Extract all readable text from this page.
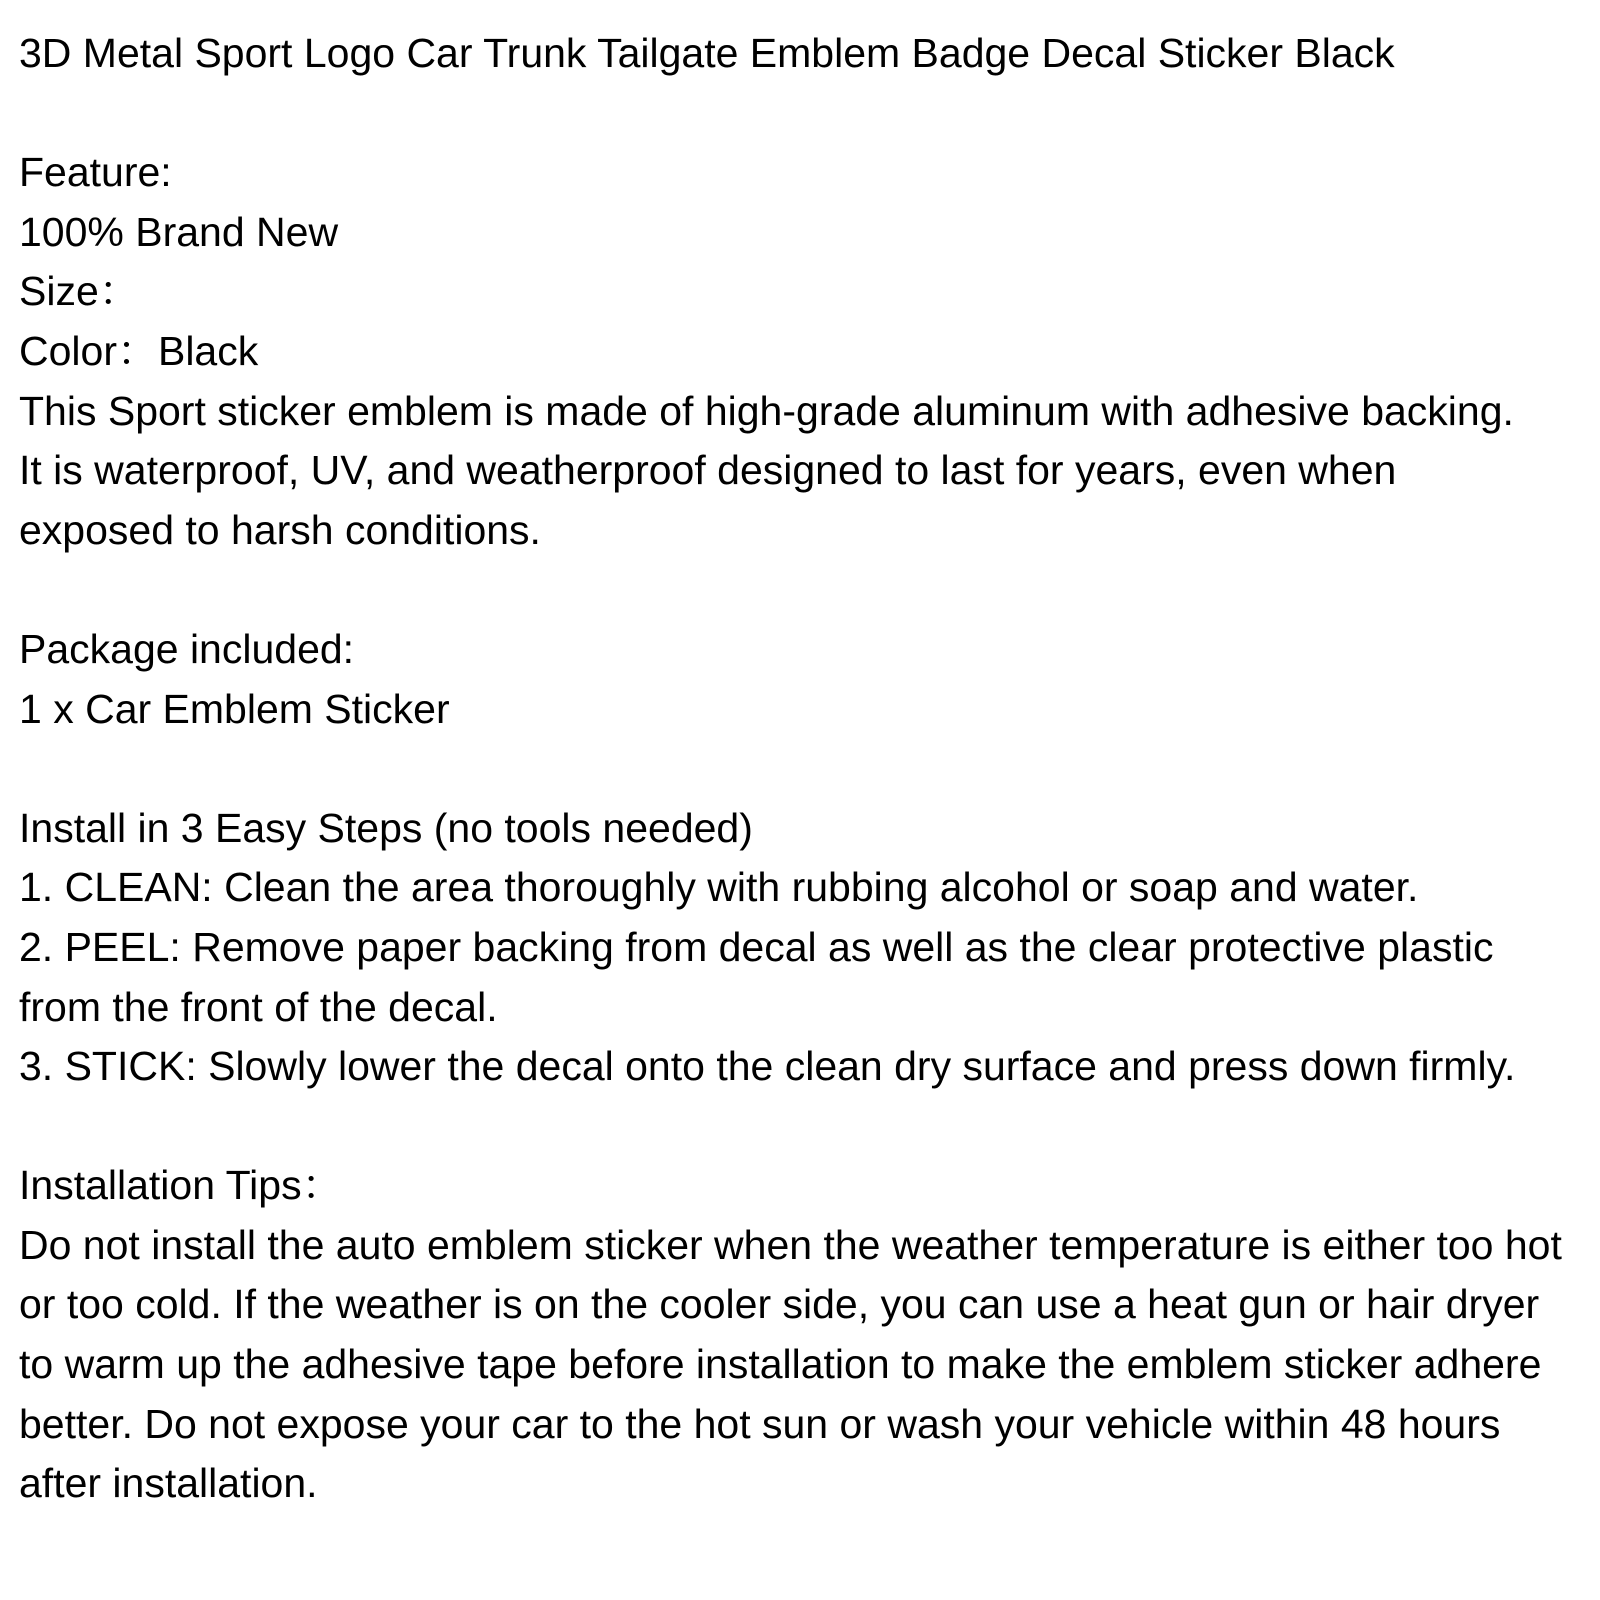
3D Metal Sport Logo Car Trunk Tailgate Emblem Badge Decal Sticker Black

Feature:

100% Brand New

Size：

Color：Black

This Sport sticker emblem is made of high-grade aluminum with adhesive backing. It is waterproof, UV, and weatherproof designed to last for years, even when exposed to harsh conditions.

Package included:

1 x Car Emblem Sticker

Install in 3 Easy Steps (no tools needed)

1. CLEAN: Clean the area thoroughly with rubbing alcohol or soap and water.

2. PEEL: Remove paper backing from decal as well as the clear protective plastic from the front of the decal.

3. STICK: Slowly lower the decal onto the clean dry surface and press down firmly.

Installation Tips：

Do not install the auto emblem sticker when the weather temperature is either too hot or too cold. If the weather is on the cooler side, you can use a heat gun or hair dryer to warm up the adhesive tape before installation to make the emblem sticker adhere better. Do not expose your car to the hot sun or wash your vehicle within 48 hours after installation.
